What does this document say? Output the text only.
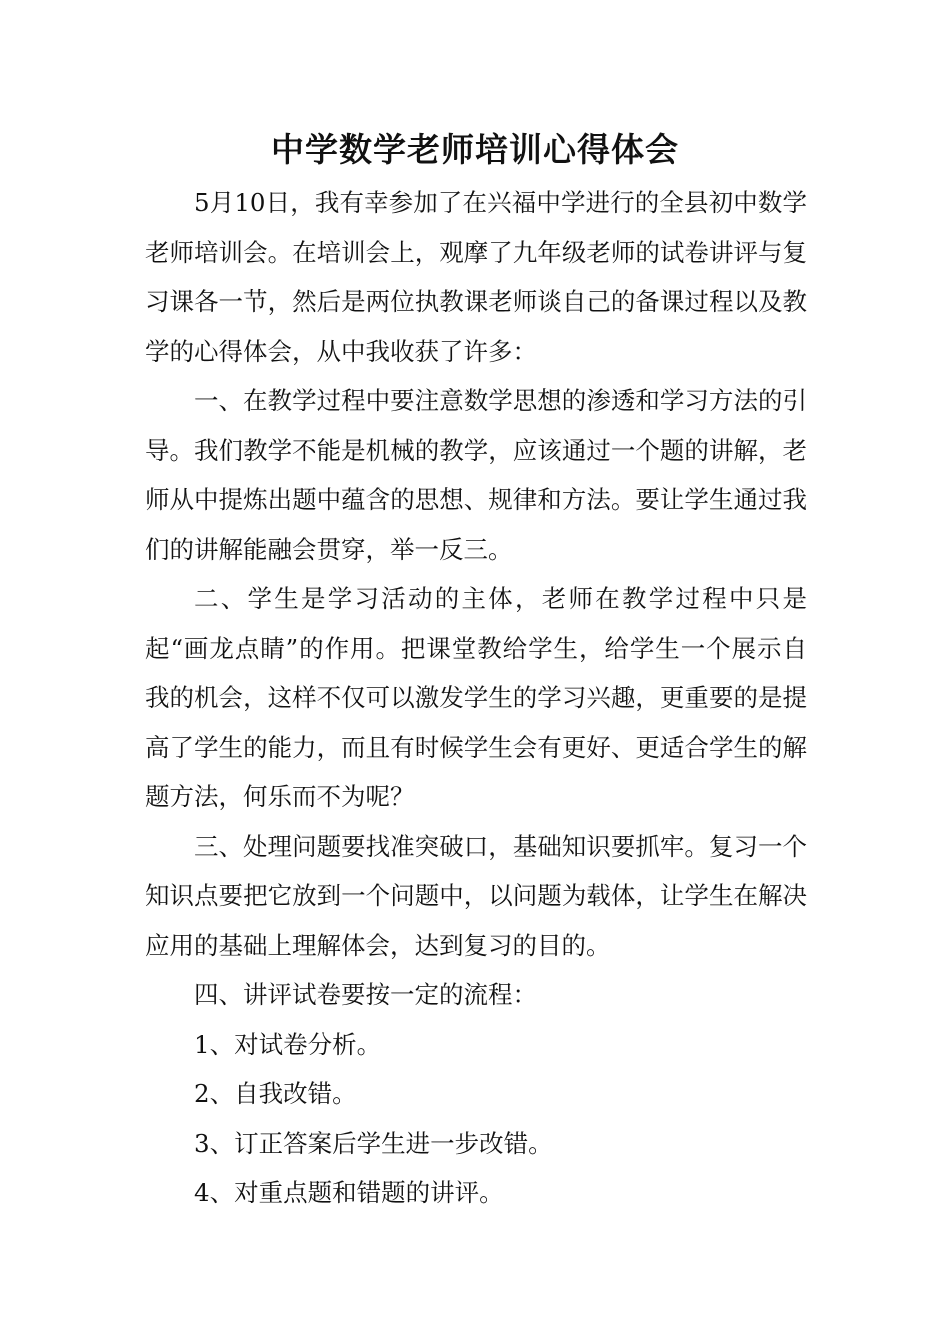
中学数学老师培训心得体会

5月10日，我有幸参加了在兴福中学进行的全县初中数学老师培训会。在培训会上，观摩了九年级老师的试卷讲评与复习课各一节，然后是两位执教课老师谈自己的备课过程以及教学的心得体会，从中我收获了许多：

一、在教学过程中要注意数学思想的渗透和学习方法的引导。我们教学不能是机械的教学，应该通过一个题的讲解，老师从中提炼出题中蕴含的思想、规律和方法。要让学生通过我们的讲解能融会贯穿，举一反三。

二、学生是学习活动的主体，老师在教学过程中只是起“画龙点睛”的作用。把课堂教给学生，给学生一个展示自我的机会，这样不仅可以激发学生的学习兴趣，更重要的是提高了学生的能力，而且有时候学生会有更好、更适合学生的解题方法，何乐而不为呢？

三、处理问题要找准突破口，基础知识要抓牢。复习一个知识点要把它放到一个问题中，以问题为载体，让学生在解决应用的基础上理解体会，达到复习的目的。

四、讲评试卷要按一定的流程：

1、对试卷分析。

2、自我改错。

3、订正答案后学生进一步改错。

4、对重点题和错题的讲评。
